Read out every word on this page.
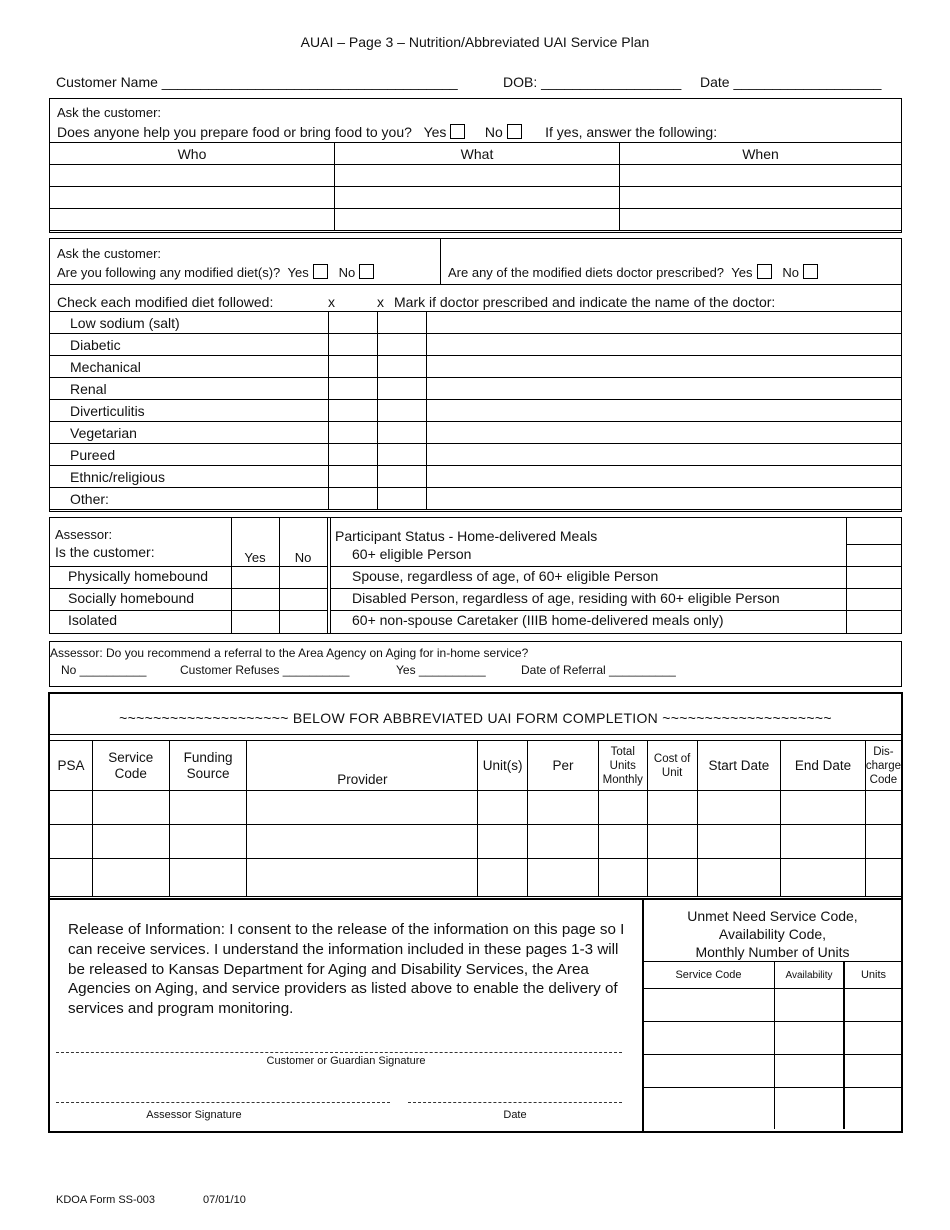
AUAI – Page 3 – Nutrition/Abbreviated UAI Service Plan
Customer Name ______________________________________	DOB: __________________ Date ___________________
Ask the customer:
Does anyone help you prepare food or bring food to you? Yes	No	If yes, answer the following:
Who	What	When

Ask the customer:
Are you following any modified diet(s)? Yes No	Are any of the modified diets doctor prescribed? Yes No
Check each modified diet followed:	x	x Mark if doctor prescribed and indicate the name of the doctor:
Low sodium (salt)			
Diabetic			
Mechanical			
Renal			
Diverticulitis			
Vegetarian			
Pureed			
Ethnic/religious			
Other:			
Assessor:
Is the customer:	Yes	No
Physically homebound
Socially homebound
Isolated
Participant Status - Home-delivered Meals
60+ eligible Person
Spouse, regardless of age, of 60+ eligible Person
Disabled Person, regardless of age, residing with 60+ eligible Person
60+ non-spouse Caretaker (IIIB home-delivered meals only)
Assessor: Do you recommend a referral to the Area Agency on Aging for in-home service?
No __________	Customer Refuses __________	Yes __________	Date of Referral __________
~~~~~~~~~~~~~~~~~~~~ BELOW FOR ABBREVIATED UAI FORM COMPLETION ~~~~~~~~~~~~~~~~~~~~
PSA	Service Code	Funding Source	Provider	Unit(s)	Per	Total Units Monthly	Cost of Unit	Start Date	End Date	Dis-charge Code

Release of Information: I consent to the release of the information on this page so I can receive services. I understand the information included in these pages 1-3 will be released to Kansas Department for Aging and Disability Services, the Area Agencies on Aging, and service providers as listed above to enable the delivery of services and program monitoring.
Customer or Guardian Signature
Assessor Signature	Date
Unmet Need Service Code,
Availability Code,
Monthly Number of Units
Service Code	Availability	Units

KDOA Form SS-003	07/01/10
